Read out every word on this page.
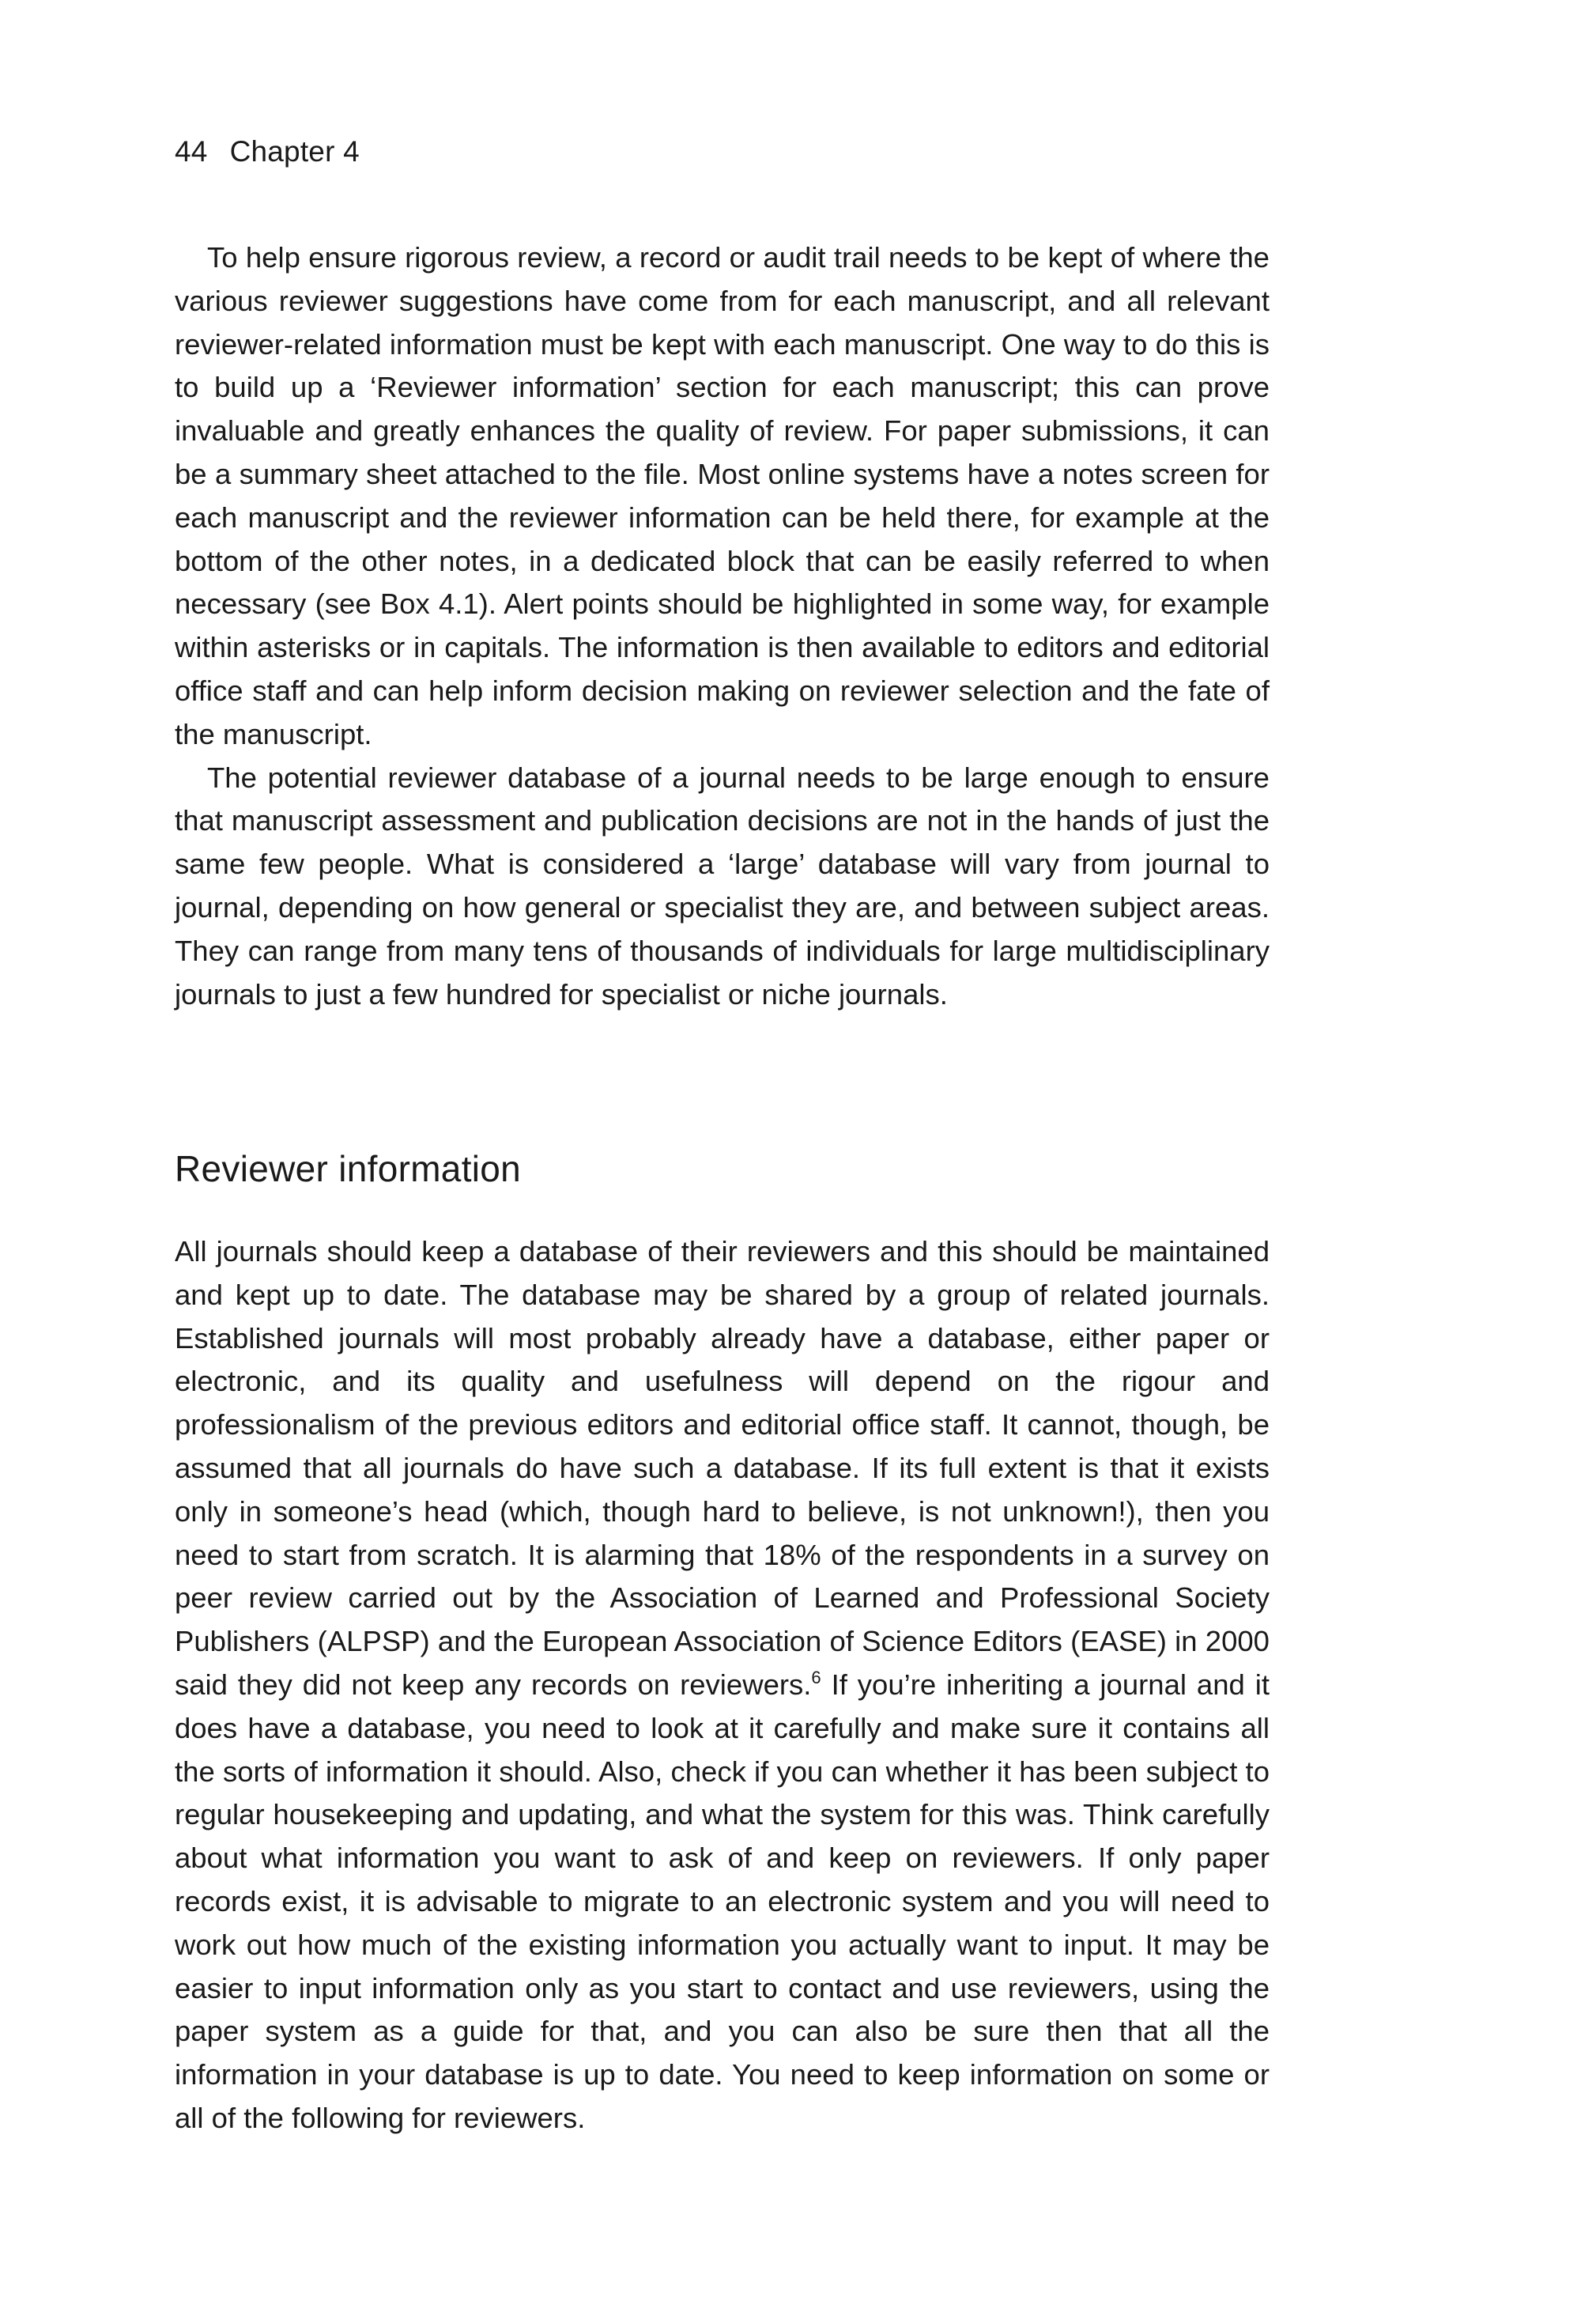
44 Chapter 4

To help ensure rigorous review, a record or audit trail needs to be kept of where the various reviewer suggestions have come from for each manuscript, and all relevant reviewer-related information must be kept with each manuscript. One way to do this is to build up a ‘Reviewer information’ section for each manuscript; this can prove invaluable and greatly enhances the quality of review. For paper submissions, it can be a summary sheet attached to the file. Most online systems have a notes screen for each manuscript and the reviewer information can be held there, for example at the bottom of the other notes, in a dedicated block that can be easily referred to when necessary (see Box 4.1). Alert points should be highlighted in some way, for example within asterisks or in capitals. The information is then available to editors and editorial office staff and can help inform decision making on reviewer selection and the fate of the manuscript.

The potential reviewer database of a journal needs to be large enough to ensure that manuscript assessment and publication decisions are not in the hands of just the same few people. What is considered a ‘large’ database will vary from journal to journal, depending on how general or specialist they are, and between subject areas. They can range from many tens of thousands of individuals for large multidisciplinary journals to just a few hundred for specialist or niche journals.

Reviewer information

All journals should keep a database of their reviewers and this should be maintained and kept up to date. The database may be shared by a group of related journals. Established journals will most probably already have a database, either paper or electronic, and its quality and usefulness will depend on the rigour and professionalism of the previous editors and editorial office staff. It cannot, though, be assumed that all journals do have such a database. If its full extent is that it exists only in someone’s head (which, though hard to believe, is not unknown!), then you need to start from scratch. It is alarming that 18% of the respondents in a survey on peer review carried out by the Association of Learned and Professional Society Publishers (ALPSP) and the European Association of Science Editors (EASE) in 2000 said they did not keep any records on reviewers.$^6$ If you’re inheriting a journal and it does have a database, you need to look at it carefully and make sure it contains all the sorts of information it should. Also, check if you can whether it has been subject to regular housekeeping and updating, and what the system for this was. Think carefully about what information you want to ask of and keep on reviewers. If only paper records exist, it is advisable to migrate to an electronic system and you will need to work out how much of the existing information you actually want to input. It may be easier to input information only as you start to contact and use reviewers, using the paper system as a guide for that, and you can also be sure then that all the information in your database is up to date. You need to keep information on some or all of the following for reviewers.
